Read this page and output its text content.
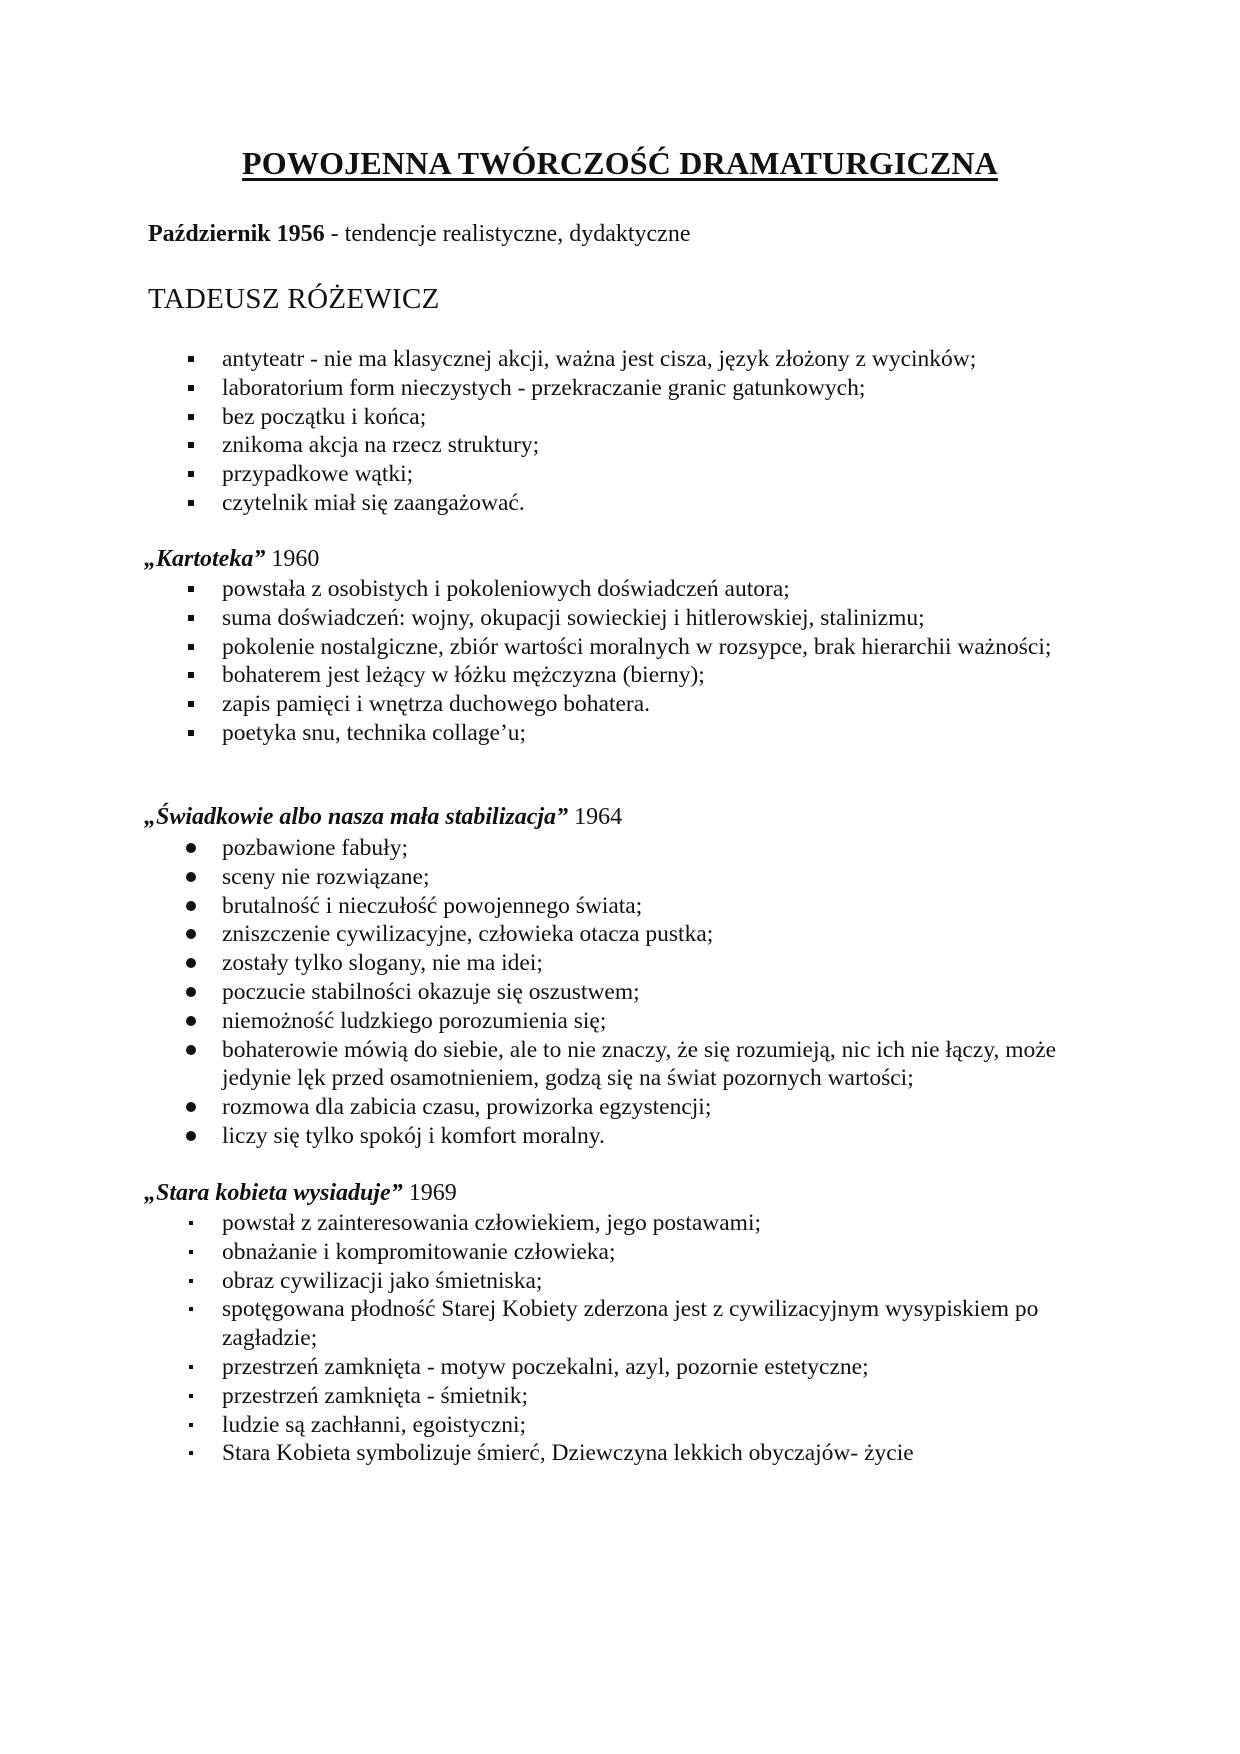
POWOJENNA TWÓRCZOŚĆ DRAMATURGICZNA
Październik 1956 - tendencje realistyczne, dydaktyczne
TADEUSZ RÓŻEWICZ
antyteatr - nie ma klasycznej akcji, ważna jest cisza, język złożony z wycinków;
laboratorium form nieczystych - przekraczanie granic gatunkowych;
bez początku i końca;
znikoma akcja na rzecz struktury;
przypadkowe wątki;
czytelnik miał się zaangażować.
„Kartoteka” 1960
powstała z osobistych i pokoleniowych doświadczeń autora;
suma doświadczeń: wojny, okupacji sowieckiej i hitlerowskiej, stalinizmu;
pokolenie nostalgiczne, zbiór wartości moralnych w rozsypce, brak hierarchii ważności;
bohaterem jest leżący w łóżku mężczyzna (bierny);
zapis pamięci i wnętrza duchowego bohatera.
poetyka snu, technika collage’u;
„Świadkowie albo nasza mała stabilizacja” 1964
pozbawione fabuły;
sceny nie rozwiązane;
brutalność i nieczułość powojennego świata;
zniszczenie cywilizacyjne, człowieka otacza pustka;
zostały tylko slogany, nie ma idei;
poczucie stabilności okazuje się oszustwem;
niemożność ludzkiego porozumienia się;
bohaterowie mówią do siebie, ale to nie znaczy, że się rozumieją, nic ich nie łączy, może jedynie lęk przed osamotnieniem, godzą się na świat pozornych wartości;
rozmowa dla zabicia czasu, prowizorka egzystencji;
liczy się tylko spokój i komfort moralny.
„Stara kobieta wysiaduje” 1969
powstał z zainteresowania człowiekiem, jego postawami;
obnażanie i kompromitowanie człowieka;
obraz cywilizacji jako śmietniska;
spotęgowana płodność Starej Kobiety zderzona jest z cywilizacyjnym wysypiskiem po zagładzie;
przestrzeń zamknięta - motyw poczekalni, azyl, pozornie estetyczne;
przestrzeń zamknięta - śmietnik;
ludzie są zachłanni, egoistyczni;
Stara Kobieta symbolizuje śmierć, Dziewczyna lekkich obyczajów- życie
